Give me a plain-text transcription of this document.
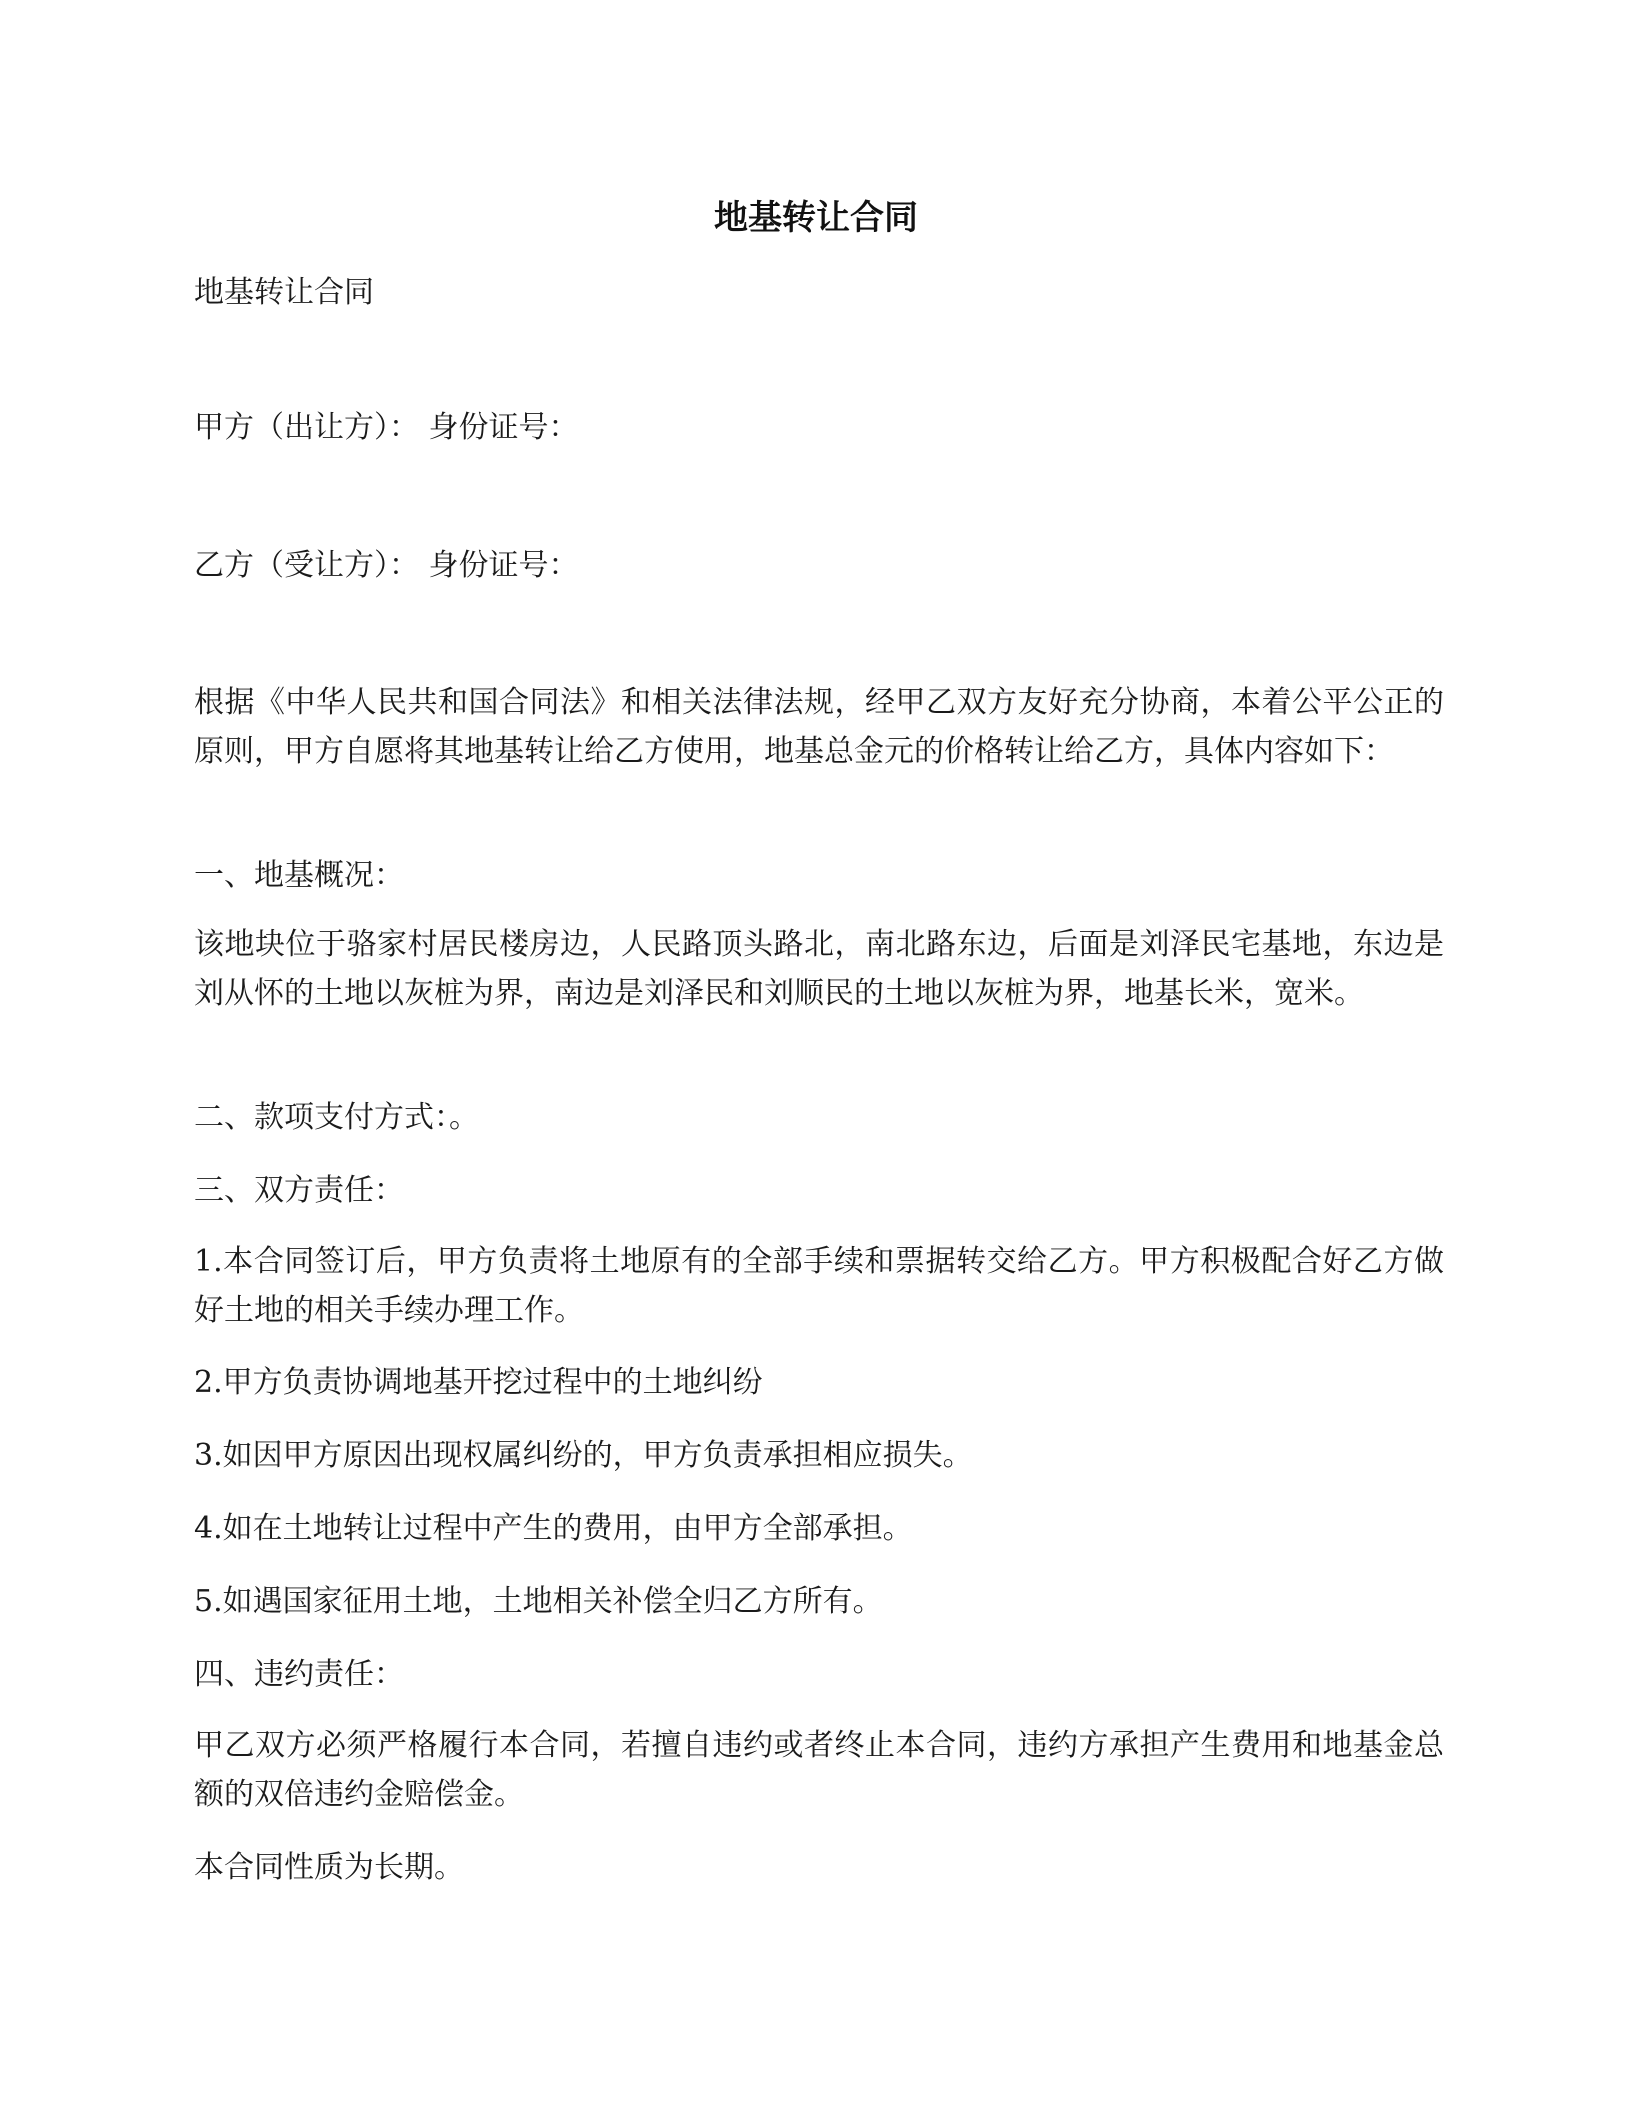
地基转让合同

地基转让合同

甲方（出让方）： 身份证号：

乙方（受让方）： 身份证号：

根据《中华人民共和国合同法》和相关法律法规，经甲乙双方友好充分协商，本着公平公正的原则，甲方自愿将其地基转让给乙方使用，地基总金元的价格转让给乙方，具体内容如下：

一、地基概况：

该地块位于骆家村居民楼房边，人民路顶头路北，南北路东边，后面是刘泽民宅基地，东边是刘从怀的土地以灰桩为界，南边是刘泽民和刘顺民的土地以灰桩为界，地基长米，宽米。

二、款项支付方式：。

三、双方责任：

1.本合同签订后，甲方负责将土地原有的全部手续和票据转交给乙方。甲方积极配合好乙方做好土地的相关手续办理工作。

2.甲方负责协调地基开挖过程中的土地纠纷

3.如因甲方原因出现权属纠纷的，甲方负责承担相应损失。

4.如在土地转让过程中产生的费用，由甲方全部承担。

5.如遇国家征用土地，土地相关补偿全归乙方所有。

四、违约责任：

甲乙双方必须严格履行本合同，若擅自违约或者终止本合同，违约方承担产生费用和地基金总额的双倍违约金赔偿金。

本合同性质为长期。
